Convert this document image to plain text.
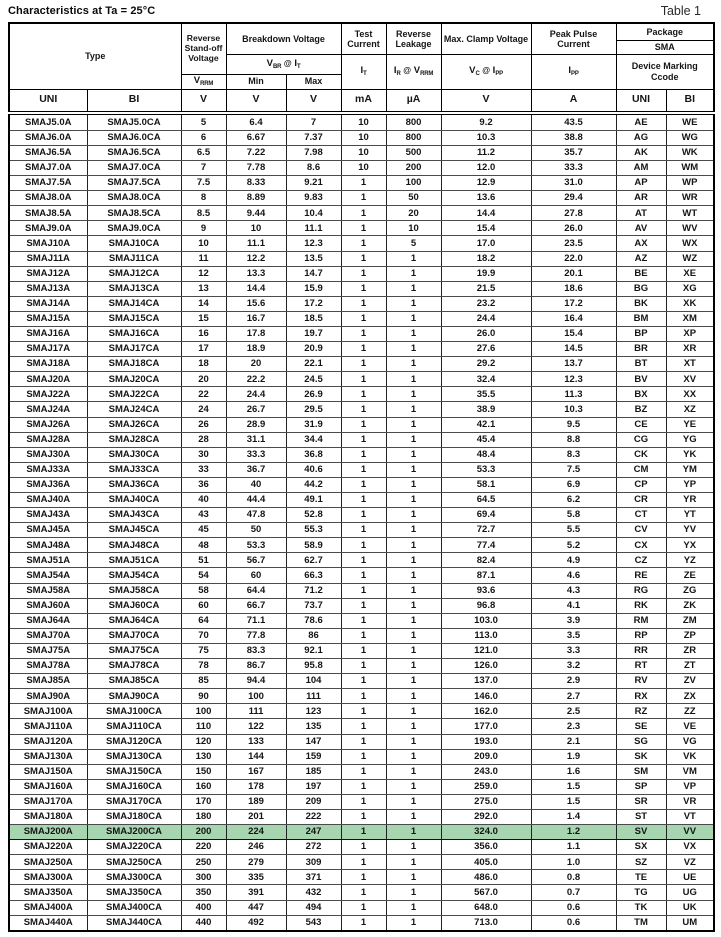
Characteristics at Ta = 25°C	Table 1
Type		Reverse Stand-off Voltage	Breakdown Voltage		Test Current	Reverse Leakage	Max. Clamp Voltage	Peak Pulse Current	Package	
									SMA	
			$V_{BR}$ @ $I_T$		$I_T$	$I_R$ @ $V_{RRM}$	$V_C$ @ $I_{PP}$	$I_{PP}$	Device Marking Ccode	
		$V_{RRM}$	Min	Max						
UNI	BI	V	V	V	mA	µA	V	A	UNI	BI
SMAJ5.0A	SMAJ5.0CA	5	6.4	7	10	800	9.2	43.5	AE	WE
SMAJ6.0A	SMAJ6.0CA	6	6.67	7.37	10	800	10.3	38.8	AG	WG
SMAJ6.5A	SMAJ6.5CA	6.5	7.22	7.98	10	500	11.2	35.7	AK	WK
SMAJ7.0A	SMAJ7.0CA	7	7.78	8.6	10	200	12.0	33.3	AM	WM
SMAJ7.5A	SMAJ7.5CA	7.5	8.33	9.21	1	100	12.9	31.0	AP	WP
SMAJ8.0A	SMAJ8.0CA	8	8.89	9.83	1	50	13.6	29.4	AR	WR
SMAJ8.5A	SMAJ8.5CA	8.5	9.44	10.4	1	20	14.4	27.8	AT	WT
SMAJ9.0A	SMAJ9.0CA	9	10	11.1	1	10	15.4	26.0	AV	WV
SMAJ10A	SMAJ10CA	10	11.1	12.3	1	5	17.0	23.5	AX	WX
SMAJ11A	SMAJ11CA	11	12.2	13.5	1	1	18.2	22.0	AZ	WZ
SMAJ12A	SMAJ12CA	12	13.3	14.7	1	1	19.9	20.1	BE	XE
SMAJ13A	SMAJ13CA	13	14.4	15.9	1	1	21.5	18.6	BG	XG
SMAJ14A	SMAJ14CA	14	15.6	17.2	1	1	23.2	17.2	BK	XK
SMAJ15A	SMAJ15CA	15	16.7	18.5	1	1	24.4	16.4	BM	XM
SMAJ16A	SMAJ16CA	16	17.8	19.7	1	1	26.0	15.4	BP	XP
SMAJ17A	SMAJ17CA	17	18.9	20.9	1	1	27.6	14.5	BR	XR
SMAJ18A	SMAJ18CA	18	20	22.1	1	1	29.2	13.7	BT	XT
SMAJ20A	SMAJ20CA	20	22.2	24.5	1	1	32.4	12.3	BV	XV
SMAJ22A	SMAJ22CA	22	24.4	26.9	1	1	35.5	11.3	BX	XX
SMAJ24A	SMAJ24CA	24	26.7	29.5	1	1	38.9	10.3	BZ	XZ
SMAJ26A	SMAJ26CA	26	28.9	31.9	1	1	42.1	9.5	CE	YE
SMAJ28A	SMAJ28CA	28	31.1	34.4	1	1	45.4	8.8	CG	YG
SMAJ30A	SMAJ30CA	30	33.3	36.8	1	1	48.4	8.3	CK	YK
SMAJ33A	SMAJ33CA	33	36.7	40.6	1	1	53.3	7.5	CM	YM
SMAJ36A	SMAJ36CA	36	40	44.2	1	1	58.1	6.9	CP	YP
SMAJ40A	SMAJ40CA	40	44.4	49.1	1	1	64.5	6.2	CR	YR
SMAJ43A	SMAJ43CA	43	47.8	52.8	1	1	69.4	5.8	CT	YT
SMAJ45A	SMAJ45CA	45	50	55.3	1	1	72.7	5.5	CV	YV
SMAJ48A	SMAJ48CA	48	53.3	58.9	1	1	77.4	5.2	CX	YX
SMAJ51A	SMAJ51CA	51	56.7	62.7	1	1	82.4	4.9	CZ	YZ
SMAJ54A	SMAJ54CA	54	60	66.3	1	1	87.1	4.6	RE	ZE
SMAJ58A	SMAJ58CA	58	64.4	71.2	1	1	93.6	4.3	RG	ZG
SMAJ60A	SMAJ60CA	60	66.7	73.7	1	1	96.8	4.1	RK	ZK
SMAJ64A	SMAJ64CA	64	71.1	78.6	1	1	103.0	3.9	RM	ZM
SMAJ70A	SMAJ70CA	70	77.8	86	1	1	113.0	3.5	RP	ZP
SMAJ75A	SMAJ75CA	75	83.3	92.1	1	1	121.0	3.3	RR	ZR
SMAJ78A	SMAJ78CA	78	86.7	95.8	1	1	126.0	3.2	RT	ZT
SMAJ85A	SMAJ85CA	85	94.4	104	1	1	137.0	2.9	RV	ZV
SMAJ90A	SMAJ90CA	90	100	111	1	1	146.0	2.7	RX	ZX
SMAJ100A	SMAJ100CA	100	111	123	1	1	162.0	2.5	RZ	ZZ
SMAJ110A	SMAJ110CA	110	122	135	1	1	177.0	2.3	SE	VE
SMAJ120A	SMAJ120CA	120	133	147	1	1	193.0	2.1	SG	VG
SMAJ130A	SMAJ130CA	130	144	159	1	1	209.0	1.9	SK	VK
SMAJ150A	SMAJ150CA	150	167	185	1	1	243.0	1.6	SM	VM
SMAJ160A	SMAJ160CA	160	178	197	1	1	259.0	1.5	SP	VP
SMAJ170A	SMAJ170CA	170	189	209	1	1	275.0	1.5	SR	VR
SMAJ180A	SMAJ180CA	180	201	222	1	1	292.0	1.4	ST	VT
SMAJ200A	SMAJ200CA	200	224	247	1	1	324.0	1.2	SV	VV
SMAJ220A	SMAJ220CA	220	246	272	1	1	356.0	1.1	SX	VX
SMAJ250A	SMAJ250CA	250	279	309	1	1	405.0	1.0	SZ	VZ
SMAJ300A	SMAJ300CA	300	335	371	1	1	486.0	0.8	TE	UE
SMAJ350A	SMAJ350CA	350	391	432	1	1	567.0	0.7	TG	UG
SMAJ400A	SMAJ400CA	400	447	494	1	1	648.0	0.6	TK	UK
SMAJ440A	SMAJ440CA	440	492	543	1	1	713.0	0.6	TM	UM
